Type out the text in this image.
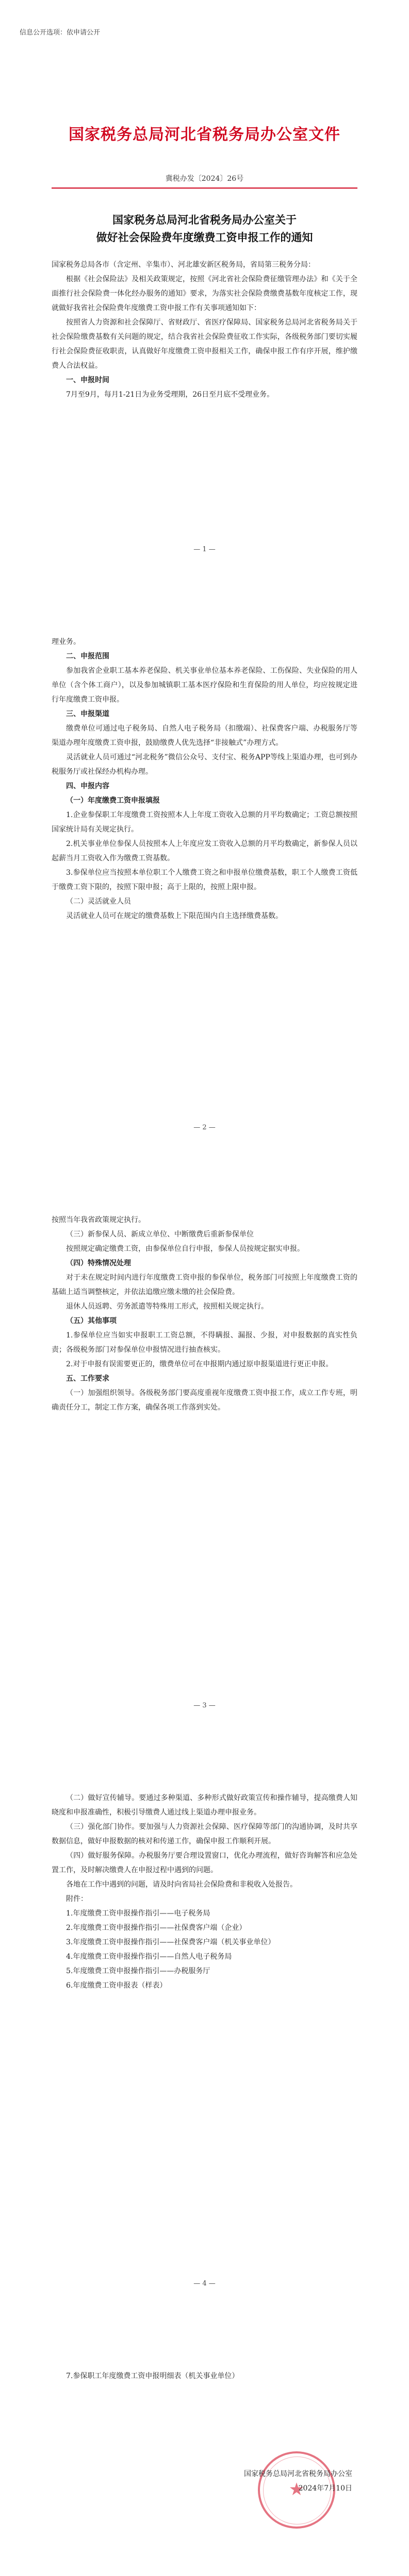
信息公开选项：依申请公开
国家税务总局河北省税务局办公室文件
冀税办发〔2024〕26号
国家税务总局河北省税务局办公室关于
做好社会保险费年度缴费工资申报工作的通知

国家税务总局各市（含定州、辛集市）、河北雄安新区税务局，省局第三税务分局：

根据《社会保险法》及相关政策规定，按照《河北省社会保险费征缴管理办法》和《关于全面推行社会保险费一体化经办服务的通知》要求，为落实社会保险费缴费基数年度核定工作，现就做好我省社会保险费年度缴费工资申报工作有关事项通知如下：

按照省人力资源和社会保障厅、省财政厅、省医疗保障局、国家税务总局河北省税务局关于社会保险缴费基数有关问题的规定，结合我省社会保险费征收工作实际，各级税务部门要切实履行社会保险费征收职责，认真做好年度缴费工资申报相关工作，确保申报工作有序开展，维护缴费人合法权益。

一、申报时间

7月至9月，每月1-21日为业务受理期，26日至月底不受理业务。

— 1 —

理业务。

二、申报范围

参加我省企业职工基本养老保险、机关事业单位基本养老保险、工伤保险、失业保险的用人单位（含个体工商户），以及参加城镇职工基本医疗保险和生育保险的用人单位，均应按规定进行年度缴费工资申报。

三、申报渠道

缴费单位可通过电子税务局、自然人电子税务局（扣缴端）、社保费客户端、办税服务厅等渠道办理年度缴费工资申报，鼓励缴费人优先选择“非接触式”办理方式。

灵活就业人员可通过“河北税务”微信公众号、支付宝、税务APP等线上渠道办理，也可到办税服务厅或社保经办机构办理。

四、申报内容
（一）年度缴费工资申报填报

1.企业参保职工年度缴费工资按照本人上年度工资收入总额的月平均数确定；工资总额按照国家统计局有关规定执行。

2.机关事业单位参保人员按照本人上年度应发工资收入总额的月平均数确定，新参保人员以起薪当月工资收入作为缴费工资基数。

3.参保单位应当按照本单位职工个人缴费工资之和申报单位缴费基数，职工个人缴费工资低于缴费工资下限的，按照下限申报；高于上限的，按照上限申报。

（二）灵活就业人员

灵活就业人员可在规定的缴费基数上下限范围内自主选择缴费基数。

— 2 —

按照当年我省政策规定执行。

（三）新参保人员、新成立单位、中断缴费后重新参保单位

按照规定确定缴费工资，由参保单位自行申报，参保人员按规定据实申报。

（四）特殊情况处理

对于未在规定时间内进行年度缴费工资申报的参保单位，税务部门可按照上年度缴费工资的基础上适当调整核定，并依法追缴应缴未缴的社会保险费。

退休人员返聘、劳务派遣等特殊用工形式，按照相关规定执行。

（五）其他事项

1.参保单位应当如实申报职工工资总额，不得瞒报、漏报、少报，对申报数据的真实性负责；各级税务部门对参保单位申报情况进行抽查核实。

2.对于申报有误需要更正的，缴费单位可在申报期内通过原申报渠道进行更正申报。

五、工作要求

（一）加强组织领导。各级税务部门要高度重视年度缴费工资申报工作，成立工作专班，明确责任分工，制定工作方案，确保各项工作落到实处。

— 3 —

（二）做好宣传辅导。要通过多种渠道、多种形式做好政策宣传和操作辅导，提高缴费人知晓度和申报准确性，积极引导缴费人通过线上渠道办理申报业务。

（三）强化部门协作。要加强与人力资源社会保障、医疗保障等部门的沟通协调，及时共享数据信息，做好申报数据的核对和传递工作，确保申报工作顺利开展。

（四）做好服务保障。办税服务厅要合理设置窗口，优化办理流程，做好咨询解答和应急处置工作，及时解决缴费人在申报过程中遇到的问题。

各地在工作中遇到的问题，请及时向省局社会保险费和非税收入处报告。

附件：

1.年度缴费工资申报操作指引——电子税务局

2.年度缴费工资申报操作指引——社保费客户端（企业）

3.年度缴费工资申报操作指引——社保费客户端（机关事业单位）

4.年度缴费工资申报操作指引——自然人电子税务局

5.年度缴费工资申报操作指引——办税服务厅

6.年度缴费工资申报表（样表）

— 4 —

7.参保职工年度缴费工资申报明细表（机关事业单位）

★
国家税务总局河北省税务局办公室
2024年7月10日
